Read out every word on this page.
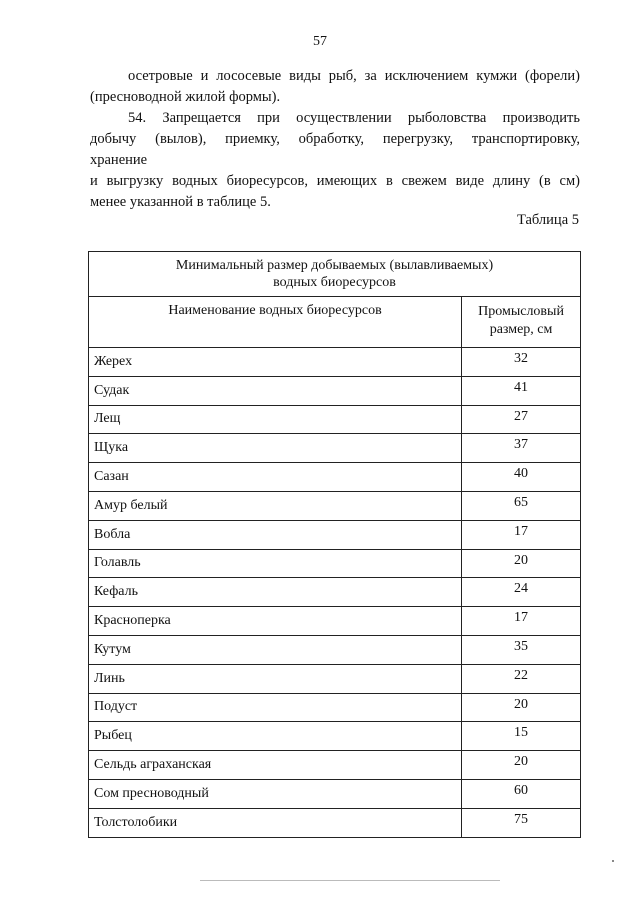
57
осетровые и лососевые виды рыб, за исключением кумжи (форели)
(пресноводной жилой формы).
54. Запрещается при осуществлении рыболовства производить
добычу (вылов), приемку, обработку, перегрузку, транспортировку,
хранение
и выгрузку водных биоресурсов, имеющих в свежем виде длину (в см)
менее указанной в таблице 5.
Таблица 5
Минимальный размер добываемых (вылавливаемых)
водных биоресурсов	

Наименование водных биоресурсов	Промысловый
размер, см

Жерех	32
Судак	41
Лещ	27
Щука	37
Сазан	40
Амур белый	65
Вобла	17
Голавль	20
Кефаль	24
Красноперка	17
Кутум	35
Линь	22
Подуст	20
Рыбец	15
Сельдь аграханская	20
Сом пресноводный	60
Толстолобики	75
